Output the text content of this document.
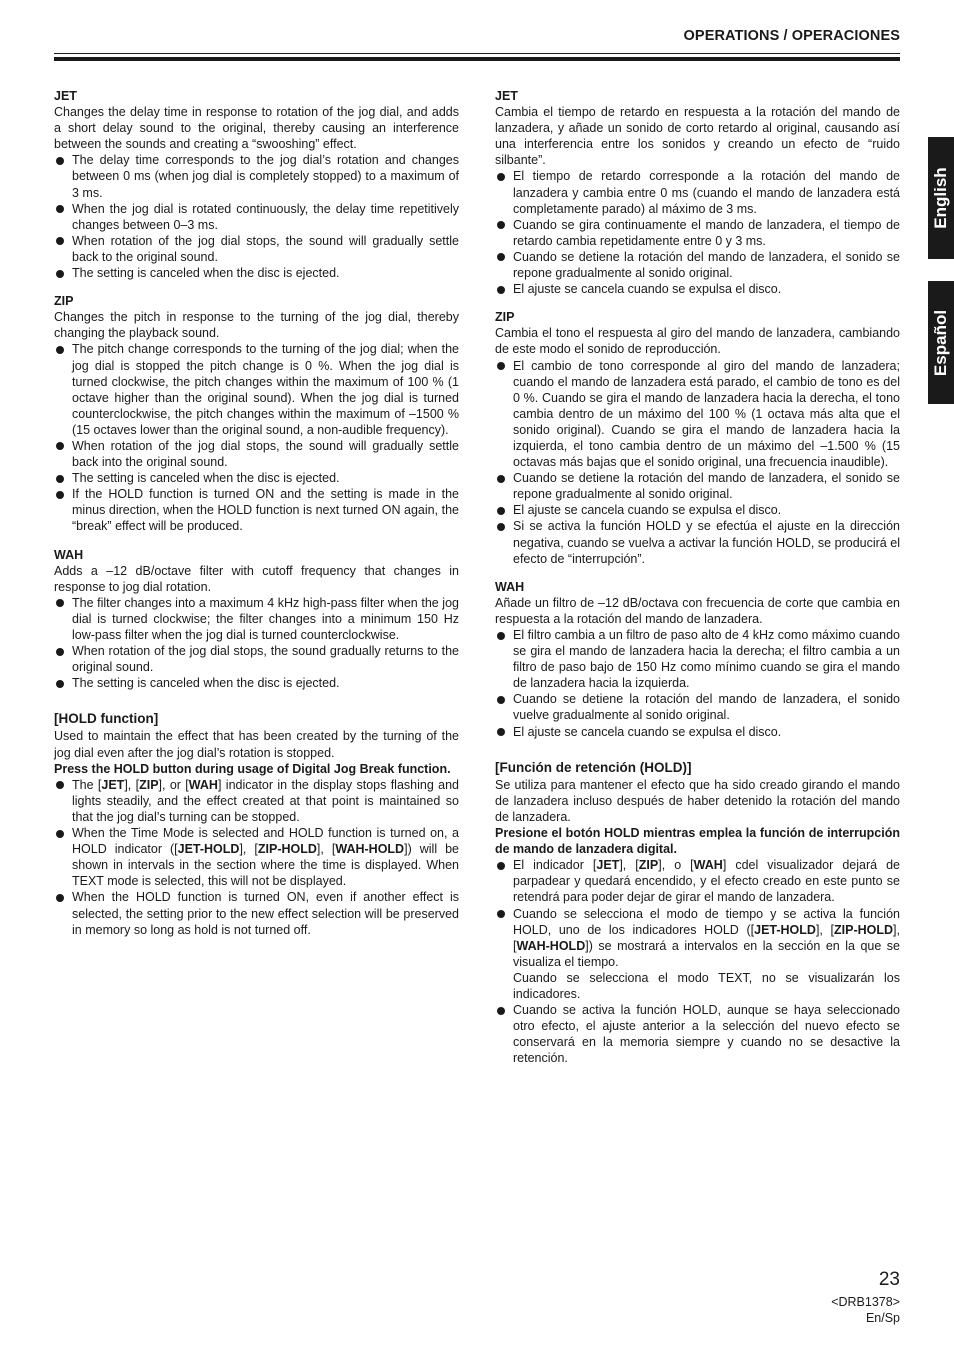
OPERATIONS / OPERACIONES
English
Español
JET

Changes the delay time in response to rotation of the jog dial, and adds a short delay sound to the original, thereby causing an interference between the sounds and creating a “swooshing” effect.

The delay time corresponds to the jog dial’s rotation and changes between 0 ms (when jog dial is completely stopped) to a maximum of 3 ms.
When the jog dial is rotated continuously, the delay time repetitively changes between 0–3 ms.
When rotation of the jog dial stops, the sound will gradually settle back to the original sound.
The setting is canceled when the disc is ejected.
ZIP

Changes the pitch in response to the turning of the jog dial, thereby changing the playback sound.

The pitch change corresponds to the turning of the jog dial; when the jog dial is stopped the pitch change is 0 %. When the jog dial is turned clockwise, the pitch changes within the maximum of 100 % (1 octave higher than the original sound). When the jog dial is turned counterclockwise, the pitch changes within the maximum of –1500 % (15 octaves lower than the original sound, a non-audible frequency).
When rotation of the jog dial stops, the sound will gradually settle back into the original sound.
The setting is canceled when the disc is ejected.
If the HOLD function is turned ON and the setting is made in the minus direction, when the HOLD function is next turned ON again, the “break” effect will be produced.
WAH

Adds a –12 dB/octave filter with cutoff frequency that changes in response to jog dial rotation.

The filter changes into a maximum 4 kHz high-pass filter when the jog dial is turned clockwise; the filter changes into a minimum 150 Hz low-pass filter when the jog dial is turned counterclockwise.
When rotation of the jog dial stops, the sound gradually returns to the original sound.
The setting is canceled when the disc is ejected.
[HOLD function]

Used to maintain the effect that has been created by the turning of the jog dial even after the jog dial’s rotation is stopped.

Press the HOLD button during usage of Digital Jog Break function.

The [JET], [ZIP], or [WAH] indicator in the display stops flashing and lights steadily, and the effect created at that point is maintained so that the jog dial’s turning can be stopped.
When the Time Mode is selected and HOLD function is turned on, a HOLD indicator ([JET-HOLD], [ZIP-HOLD], [WAH-HOLD]) will be shown in intervals in the section where the time is displayed. When TEXT mode is selected, this will not be displayed.
When the HOLD function is turned ON, even if another effect is selected, the setting prior to the new effect selection will be preserved in memory so long as hold is not turned off.
JET

Cambia el tiempo de retardo en respuesta a la rotación del mando de lanzadera, y añade un sonido de corto retardo al original, causando así una interferencia entre los sonidos y creando un efecto de “ruido silbante”.

El tiempo de retardo corresponde a la rotación del mando de lanzadera y cambia entre 0 ms (cuando el mando de lanzadera está completamente parado) al máximo de 3 ms.
Cuando se gira continuamente el mando de lanzadera, el tiempo de retardo cambia repetidamente entre 0 y 3 ms.
Cuando se detiene la rotación del mando de lanzadera, el sonido se repone gradualmente al sonido original.
El ajuste se cancela cuando se expulsa el disco.
ZIP

Cambia el tono el respuesta al giro del mando de lanzadera, cambiando de este modo el sonido de reproducción.

El cambio de tono corresponde al giro del mando de lanzadera; cuando el mando de lanzadera está parado, el cambio de tono es del 0 %. Cuando se gira el mando de lanzadera hacia la derecha, el tono cambia dentro de un máximo del 100 % (1 octava más alta que el sonido original). Cuando se gira el mando de lanzadera hacia la izquierda, el tono cambia dentro de un máximo del –1.500 % (15 octavas más bajas que el sonido original, una frecuencia inaudible).
Cuando se detiene la rotación del mando de lanzadera, el sonido se repone gradualmente al sonido original.
El ajuste se cancela cuando se expulsa el disco.
Si se activa la función HOLD y se efectúa el ajuste en la dirección negativa, cuando se vuelva a activar la función HOLD, se producirá el efecto de “interrupción”.
WAH

Añade un filtro de –12 dB/octava con frecuencia de corte que cambia en respuesta a la rotación del mando de lanzadera.

El filtro cambia a un filtro de paso alto de 4 kHz como máximo cuando se gira el mando de lanzadera hacia la derecha; el filtro cambia a un filtro de paso bajo de 150 Hz como mínimo cuando se gira el mando de lanzadera hacia la izquierda.
Cuando se detiene la rotación del mando de lanzadera, el sonido vuelve gradualmente al sonido original.
El ajuste se cancela cuando se expulsa el disco.
[Función de retención (HOLD)]

Se utiliza para mantener el efecto que ha sido creado girando el mando de lanzadera incluso después de haber detenido la rotación del mando de lanzadera.

Presione el botón HOLD mientras emplea la función de interrupción de mando de lanzadera digital.

El indicador [JET], [ZIP], o [WAH] cdel visualizador dejará de parpadear y quedará encendido, y el efecto creado en este punto se retendrá para poder dejar de girar el mando de lanzadera.
Cuando se selecciona el modo de tiempo y se activa la función HOLD, uno de los indicadores HOLD ([JET-HOLD], [ZIP-HOLD], [WAH-HOLD]) se mostrará a intervalos en la sección en la que se visualiza el tiempo.
Cuando se selecciona el modo TEXT, no se visualizarán los indicadores.
Cuando se activa la función HOLD, aunque se haya seleccionado otro efecto, el ajuste anterior a la selección del nuevo efecto se conservará en la memoria siempre y cuando no se desactive la retención.
23
<DRB1378>
En/Sp
